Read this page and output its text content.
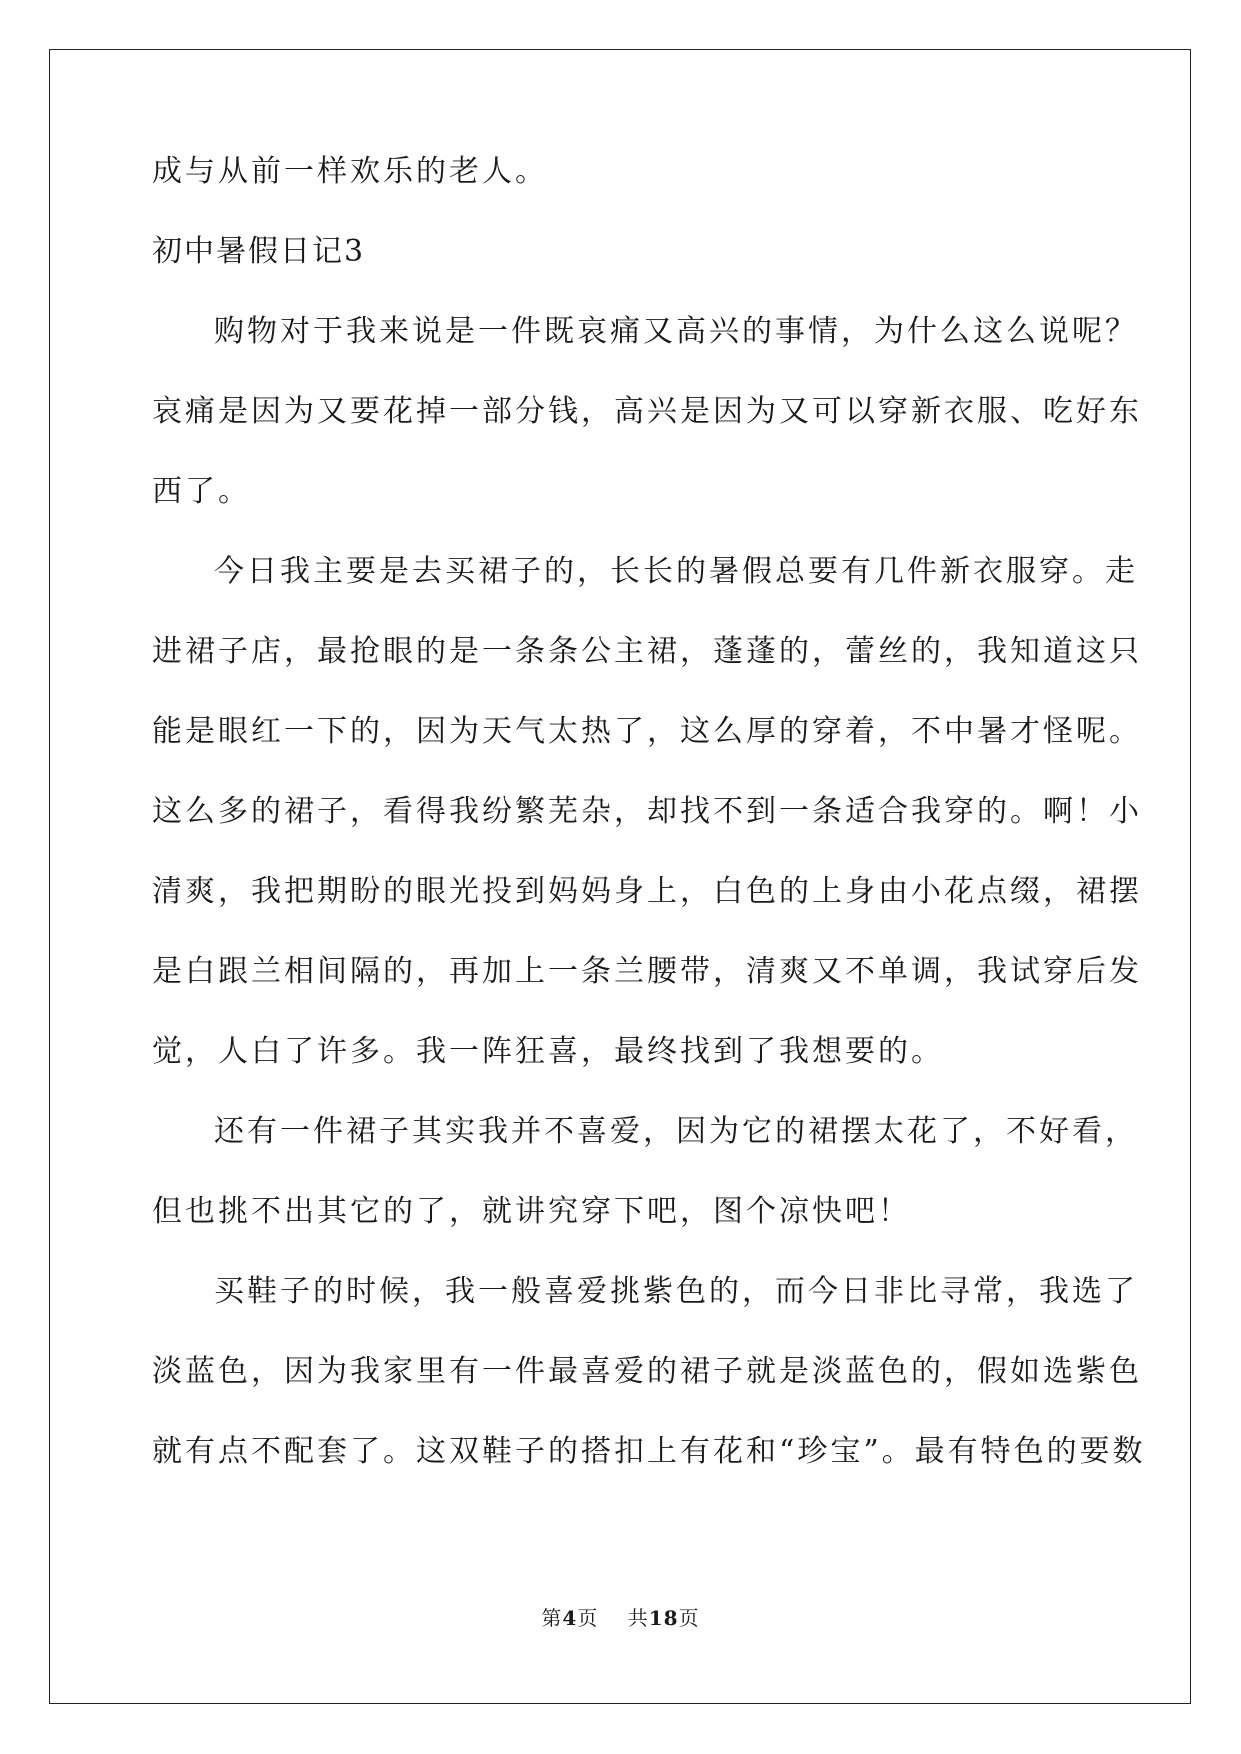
成与从前一样欢乐的老人。
初中暑假日记3
购物对于我来说是一件既哀痛又高兴的事情，为什么这么说呢？
哀痛是因为又要花掉一部分钱，高兴是因为又可以穿新衣服、吃好东
西了。
今日我主要是去买裙子的，长长的暑假总要有几件新衣服穿。走
进裙子店，最抢眼的是一条条公主裙，蓬蓬的，蕾丝的，我知道这只
能是眼红一下的，因为天气太热了，这么厚的穿着，不中暑才怪呢。
这么多的裙子，看得我纷繁芜杂，却找不到一条适合我穿的。啊！小
清爽，我把期盼的眼光投到妈妈身上，白色的上身由小花点缀，裙摆
是白跟兰相间隔的，再加上一条兰腰带，清爽又不单调，我试穿后发
觉，人白了许多。我一阵狂喜，最终找到了我想要的。
还有一件裙子其实我并不喜爱，因为它的裙摆太花了，不好看，
但也挑不出其它的了，就讲究穿下吧，图个凉快吧！
买鞋子的时候，我一般喜爱挑紫色的，而今日非比寻常，我选了
淡蓝色，因为我家里有一件最喜爱的裙子就是淡蓝色的，假如选紫色
就有点不配套了。这双鞋子的搭扣上有花和“珍宝”。最有特色的要数
第4页 共18页
